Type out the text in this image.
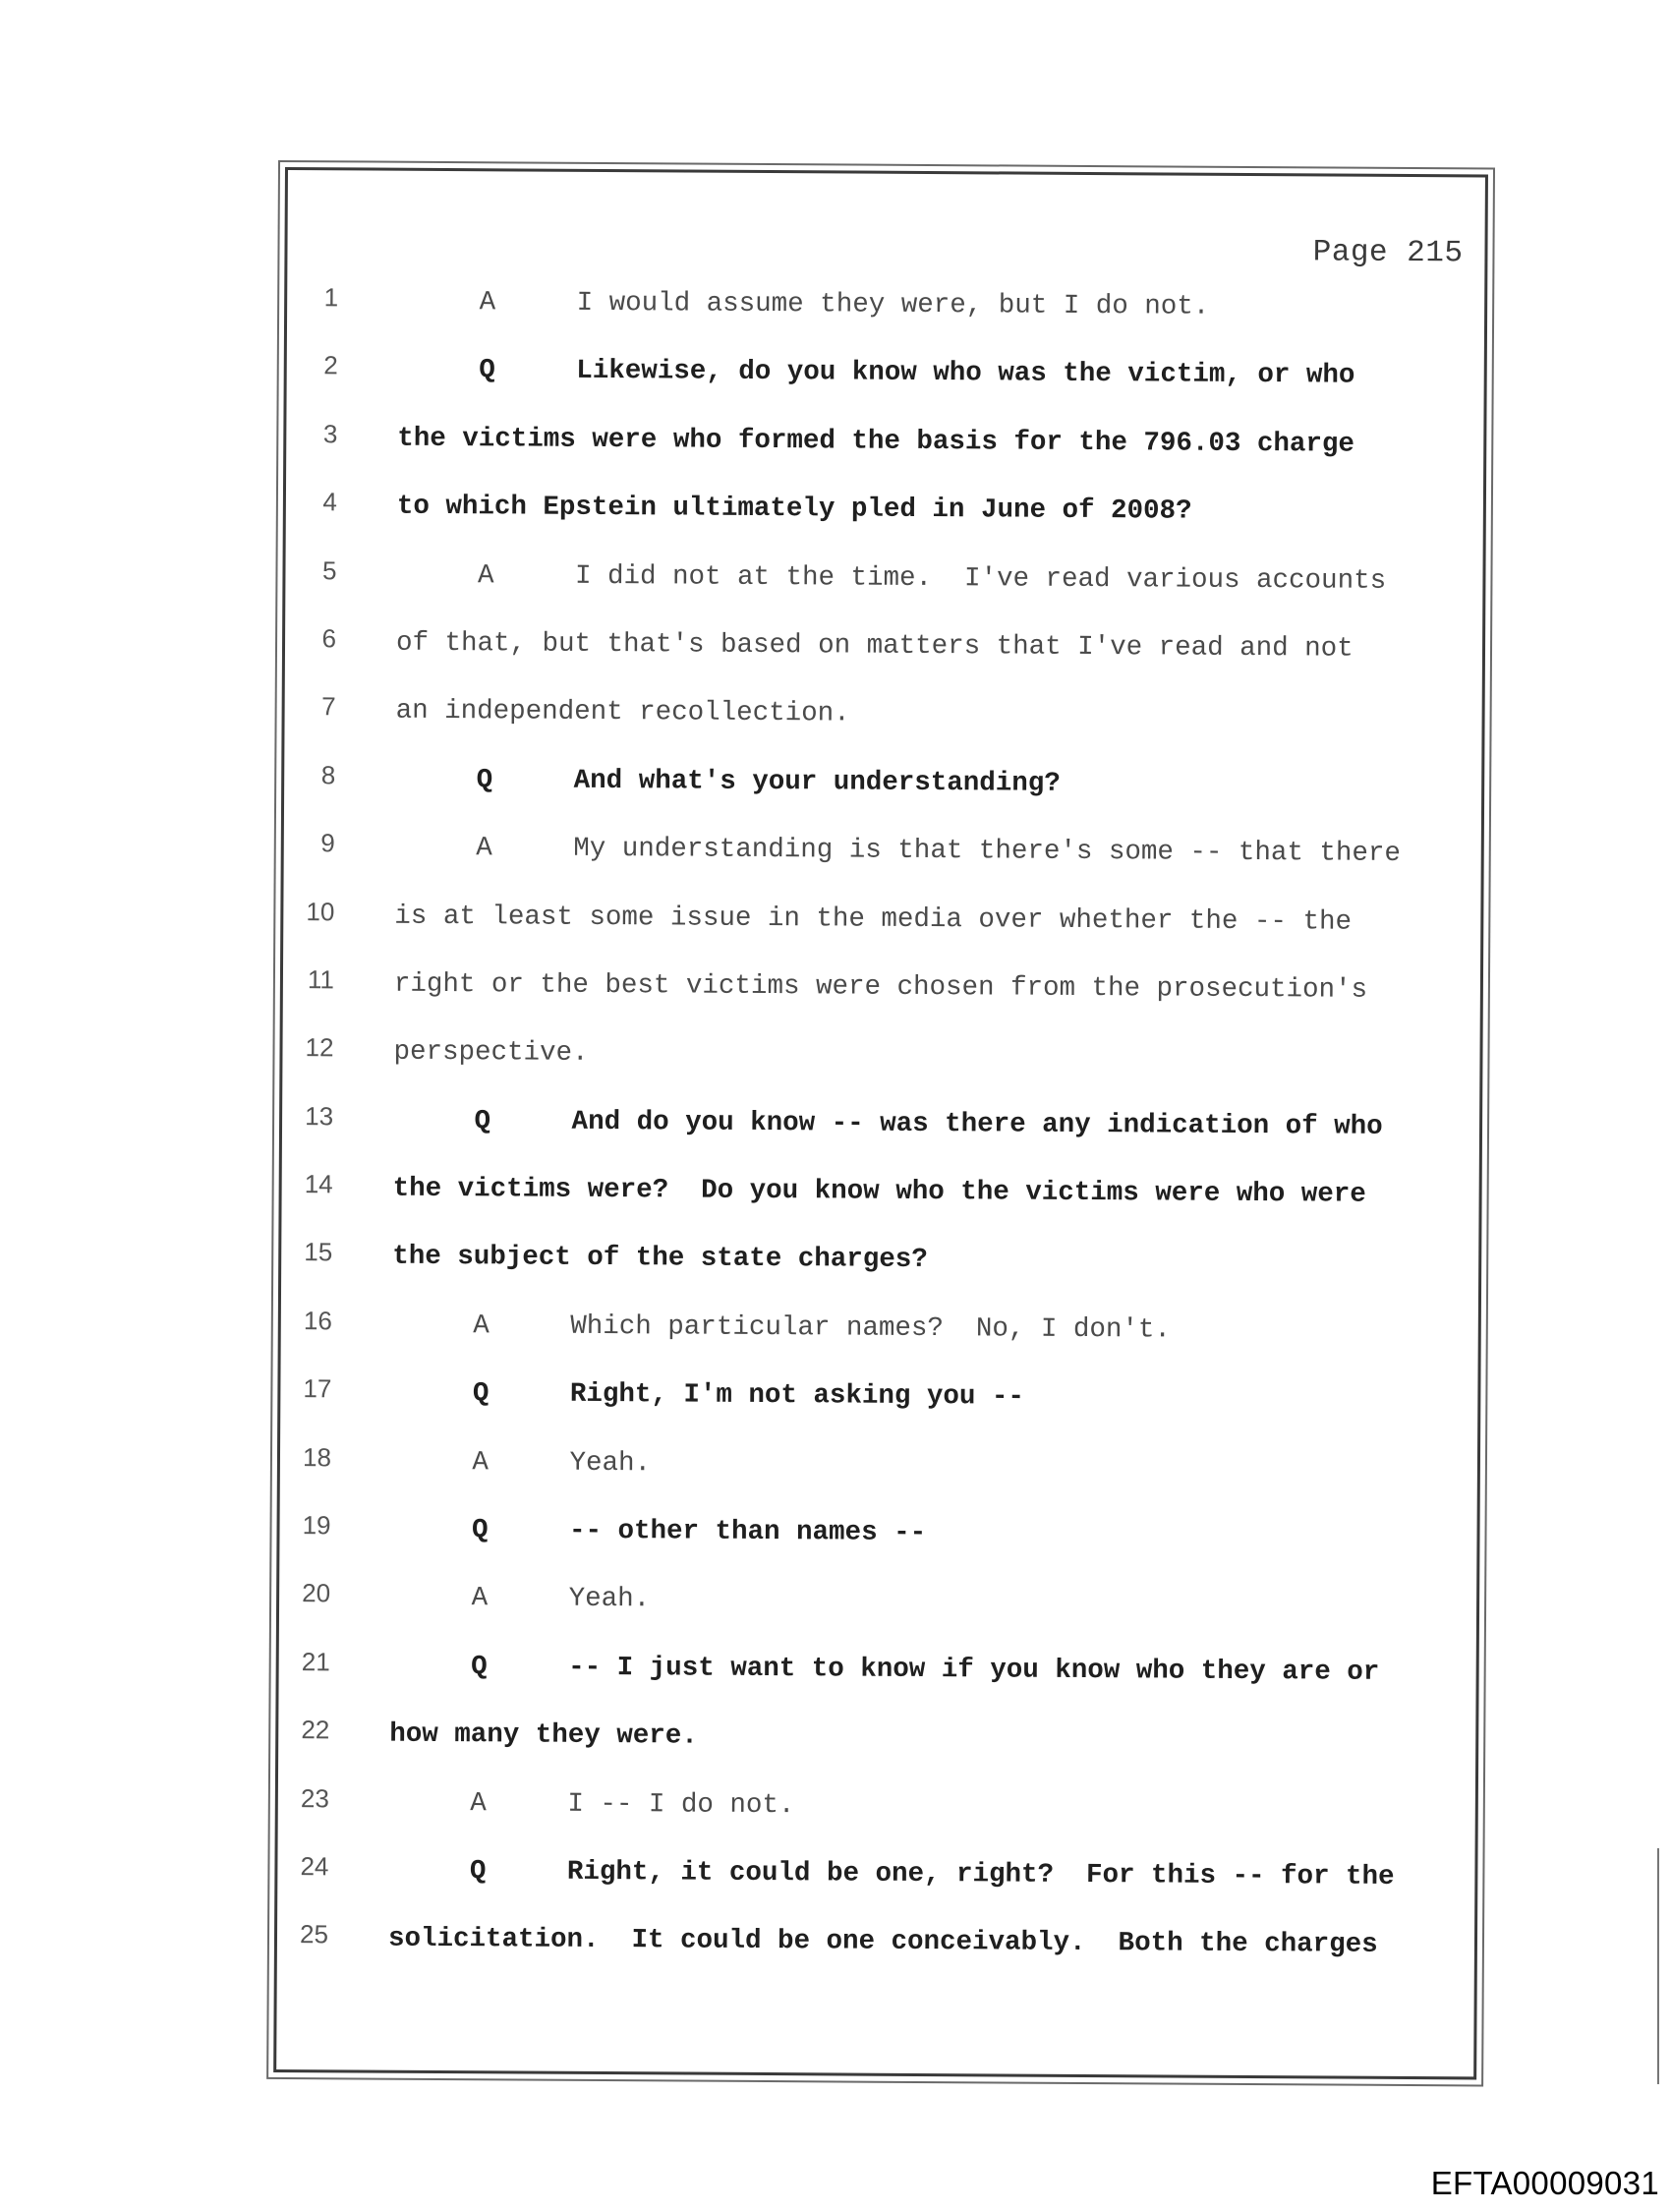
Page 215
1 A     I would assume they were, but I do not.
2 Q     Likewise, do you know who was the victim, or who
3 the victims were who formed the basis for the 796.03 charge
4 to which Epstein ultimately pled in June of 2008?
5 A     I did not at the time.  I've read various accounts
6 of that, but that's based on matters that I've read and not
7 an independent recollection.
8 Q     And what's your understanding?
9 A     My understanding is that there's some -- that there
10 is at least some issue in the media over whether the -- the
11 right or the best victims were chosen from the prosecution's
12 perspective.
13 Q     And do you know -- was there any indication of who
14 the victims were?  Do you know who the victims were who were
15 the subject of the state charges?
16 A     Which particular names?  No, I don't.
17 Q     Right, I'm not asking you --
18 A     Yeah.
19 Q     -- other than names --
20 A     Yeah.
21 Q     -- I just want to know if you know who they are or
22 how many they were.
23 A     I -- I do not.
24 Q     Right, it could be one, right?  For this -- for the
25 solicitation.  It could be one conceivably.  Both the charges
EFTA00009031
